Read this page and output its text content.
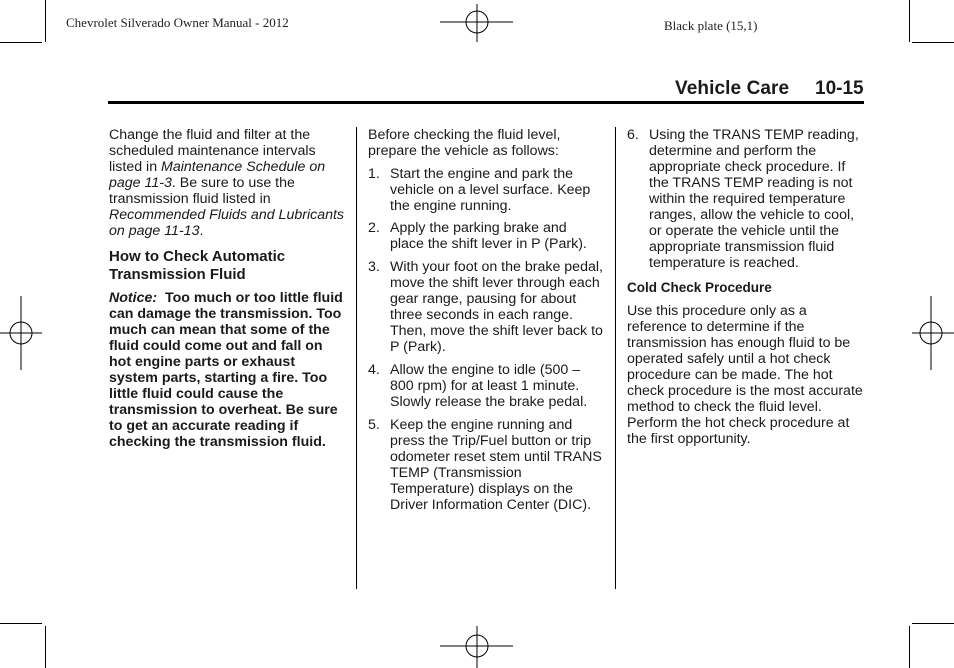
Chevrolet Silverado Owner Manual - 2012	Black plate (15,1)
Vehicle Care 10-15

Change the fluid and filter at the scheduled maintenance intervals listed in Maintenance Schedule on page 11-3. Be sure to use the transmission fluid listed in Recommended Fluids and Lubricants on page 11-13.

How to Check Automatic Transmission Fluid

Notice: Too much or too little fluid can damage the transmission. Too much can mean that some of the fluid could come out and fall on hot engine parts or exhaust system parts, starting a fire. Too little fluid could cause the transmission to overheat. Be sure to get an accurate reading if checking the transmission fluid.

Before checking the fluid level, prepare the vehicle as follows:

1. Start the engine and park the vehicle on a level surface. Keep the engine running.

2. Apply the parking brake and place the shift lever in P (Park).

3. With your foot on the brake pedal, move the shift lever through each gear range, pausing for about three seconds in each range. Then, move the shift lever back to P (Park).

4. Allow the engine to idle (500 – 800 rpm) for at least 1 minute. Slowly release the brake pedal.

5. Keep the engine running and press the Trip/Fuel button or trip odometer reset stem until TRANS TEMP (Transmission Temperature) displays on the Driver Information Center (DIC).

6. Using the TRANS TEMP reading, determine and perform the appropriate check procedure. If the TRANS TEMP reading is not within the required temperature ranges, allow the vehicle to cool, or operate the vehicle until the appropriate transmission fluid temperature is reached.

Cold Check Procedure

Use this procedure only as a reference to determine if the transmission has enough fluid to be operated safely until a hot check procedure can be made. The hot check procedure is the most accurate method to check the fluid level. Perform the hot check procedure at the first opportunity.
